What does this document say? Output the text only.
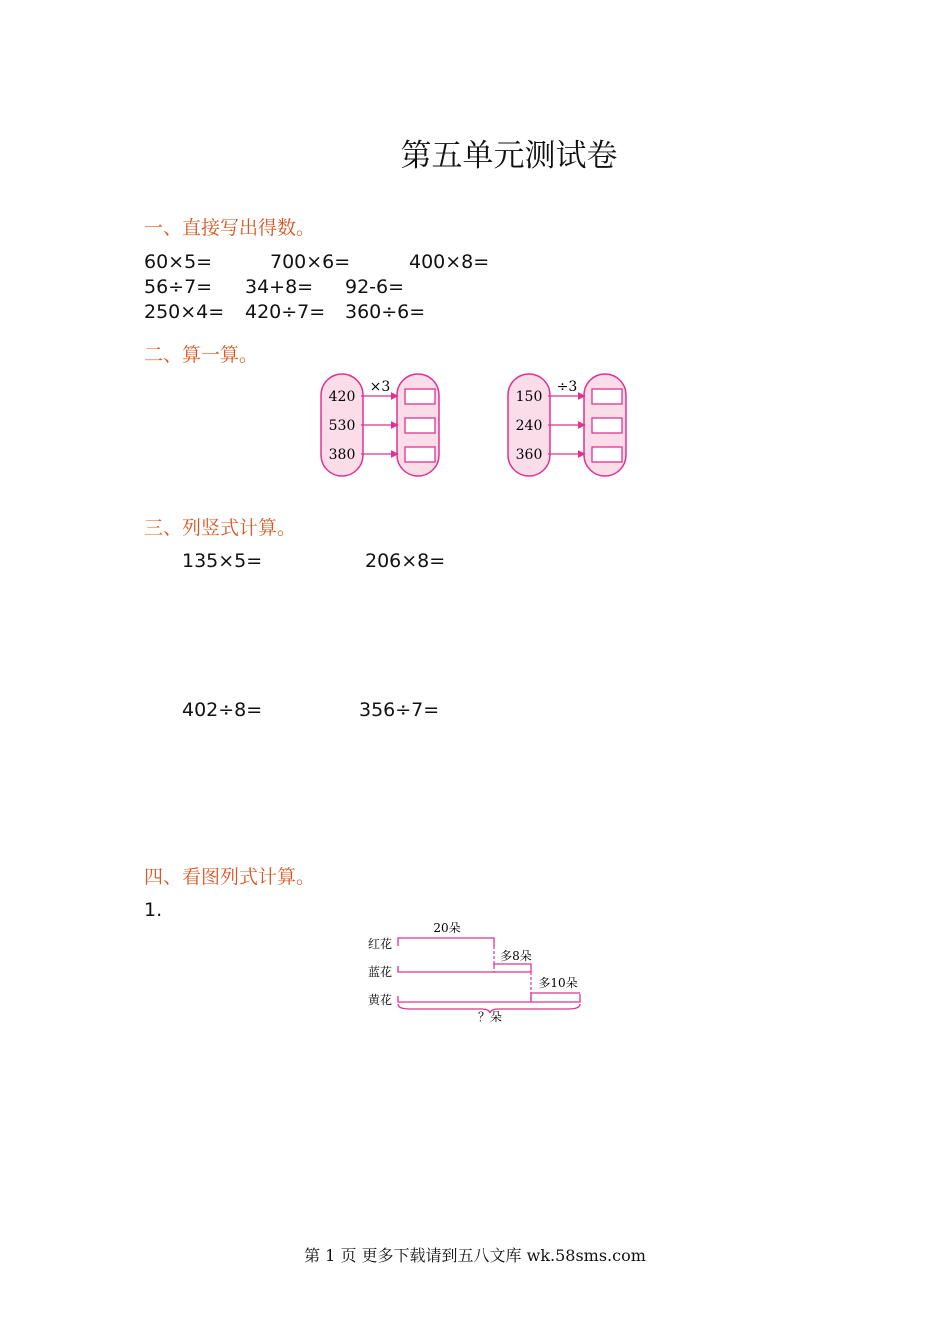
第五单元测试卷
一、直接写出得数。
60×5=	700×6=	400×8=
56÷7= 34+8= 92-6=
250×4= 420÷7= 360÷6=
二、算一算。
420
530
380
×3
150
240
360
÷3
红花
蓝花
黄花
20朵
多8朵
多10朵
？朵
三、列竖式计算。
135×5=	206×8=
402÷8=	356÷7=
四、看图列式计算。
1.
第 1 页 更多下载请到五八文库 wk.58sms.com
